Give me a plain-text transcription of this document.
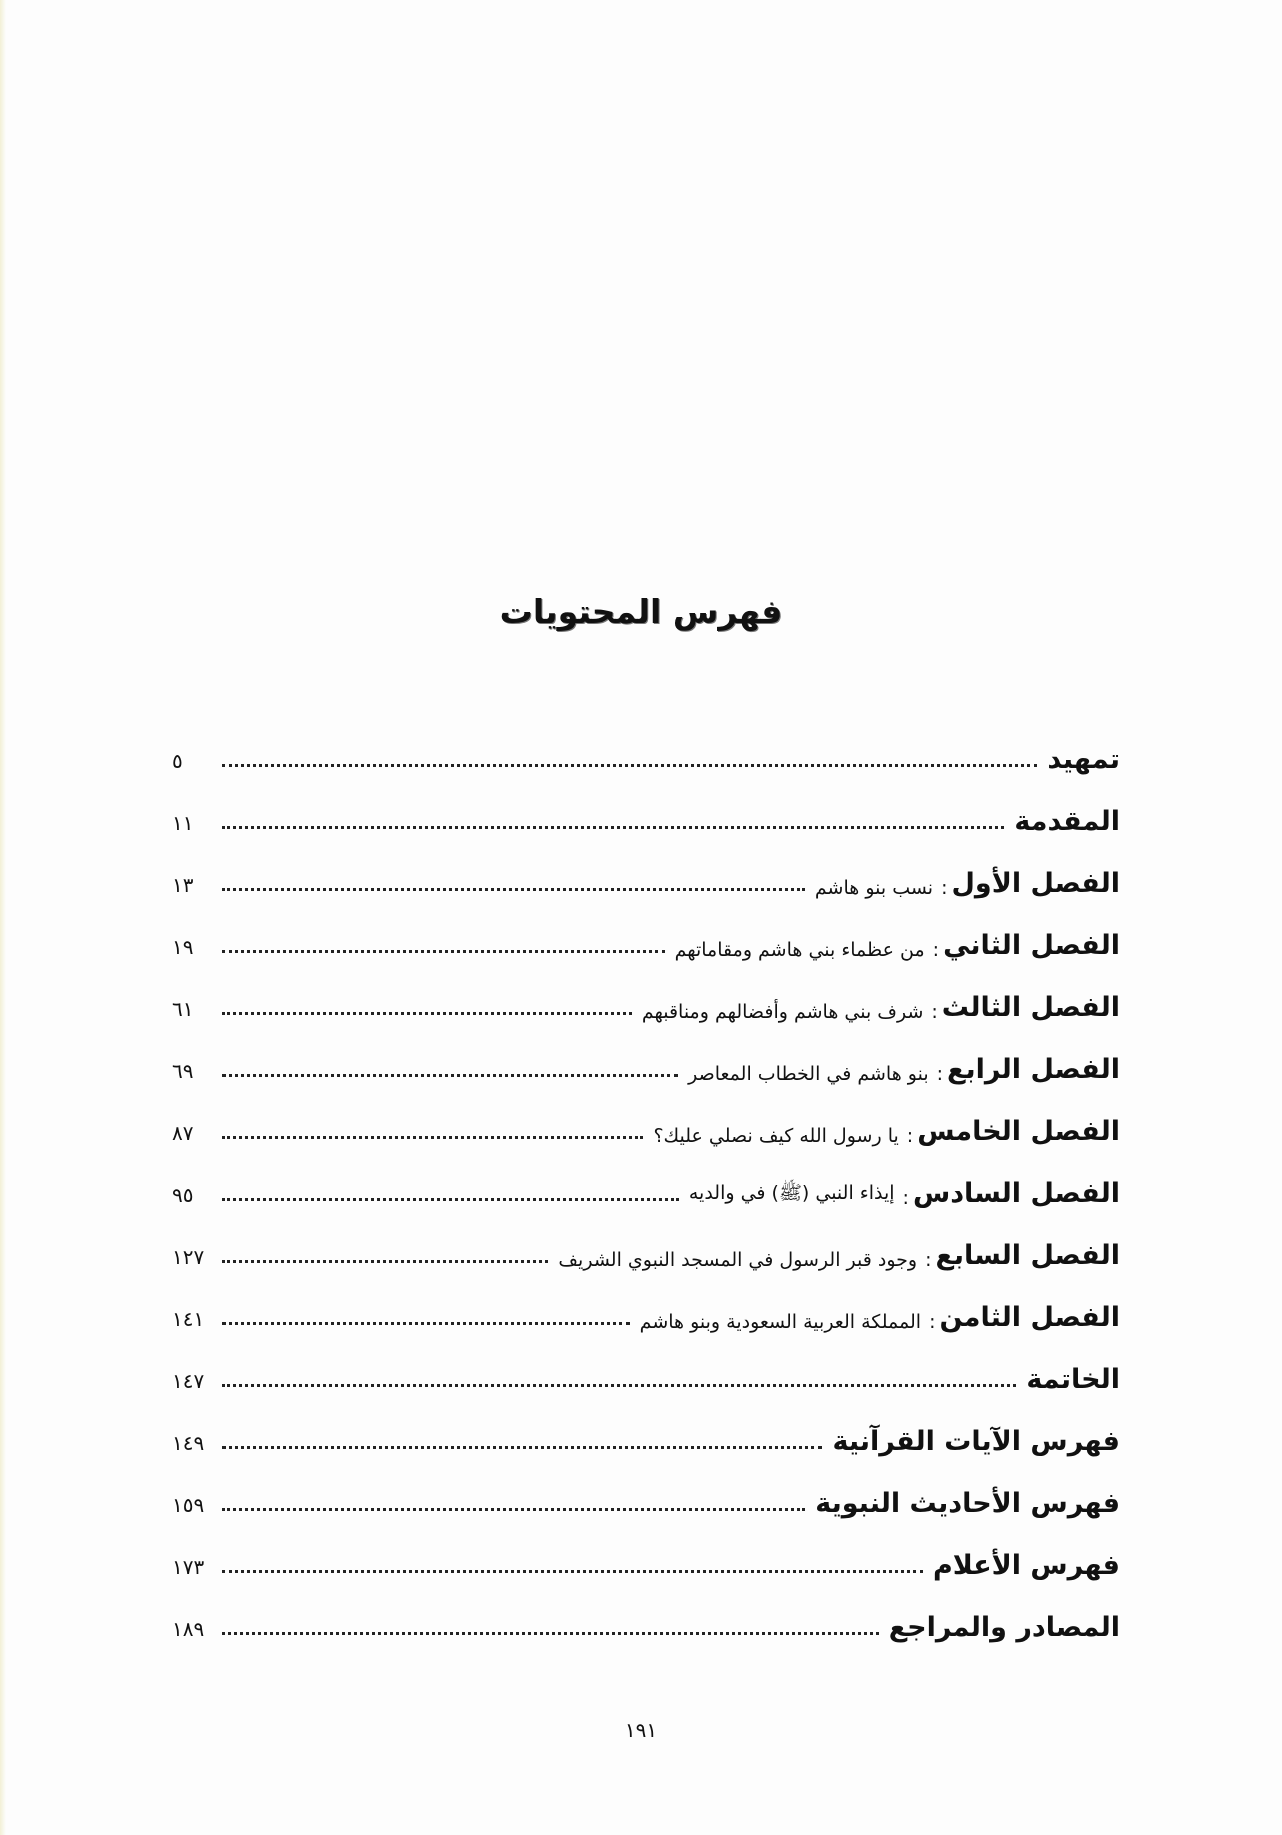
فهرس المحتويات
تمهيد
٥
المقدمة
١١
الفصل الأول
:
نسب بنو هاشم
١٣
الفصل الثاني
:
من عظماء بني هاشم ومقاماتهم
١٩
الفصل الثالث
:
شرف بني هاشم وأفضالهم ومناقبهم
٦١
الفصل الرابع
:
بنو هاشم في الخطاب المعاصر
٦٩
الفصل الخامس
:
يا رسول الله كيف نصلي عليك؟
٨٧
الفصل السادس
:
إيذاء النبي (ﷺ) في والديه
٩٥
الفصل السابع
:
وجود قبر الرسول في المسجد النبوي الشريف
١٢٧
الفصل الثامن
:
المملكة العربية السعودية وبنو هاشم
١٤١
الخاتمة
١٤٧
فهرس الآيات القرآنية
١٤٩
فهرس الأحاديث النبوية
١٥٩
فهرس الأعلام
١٧٣
المصادر والمراجع
١٨٩
١٩١
